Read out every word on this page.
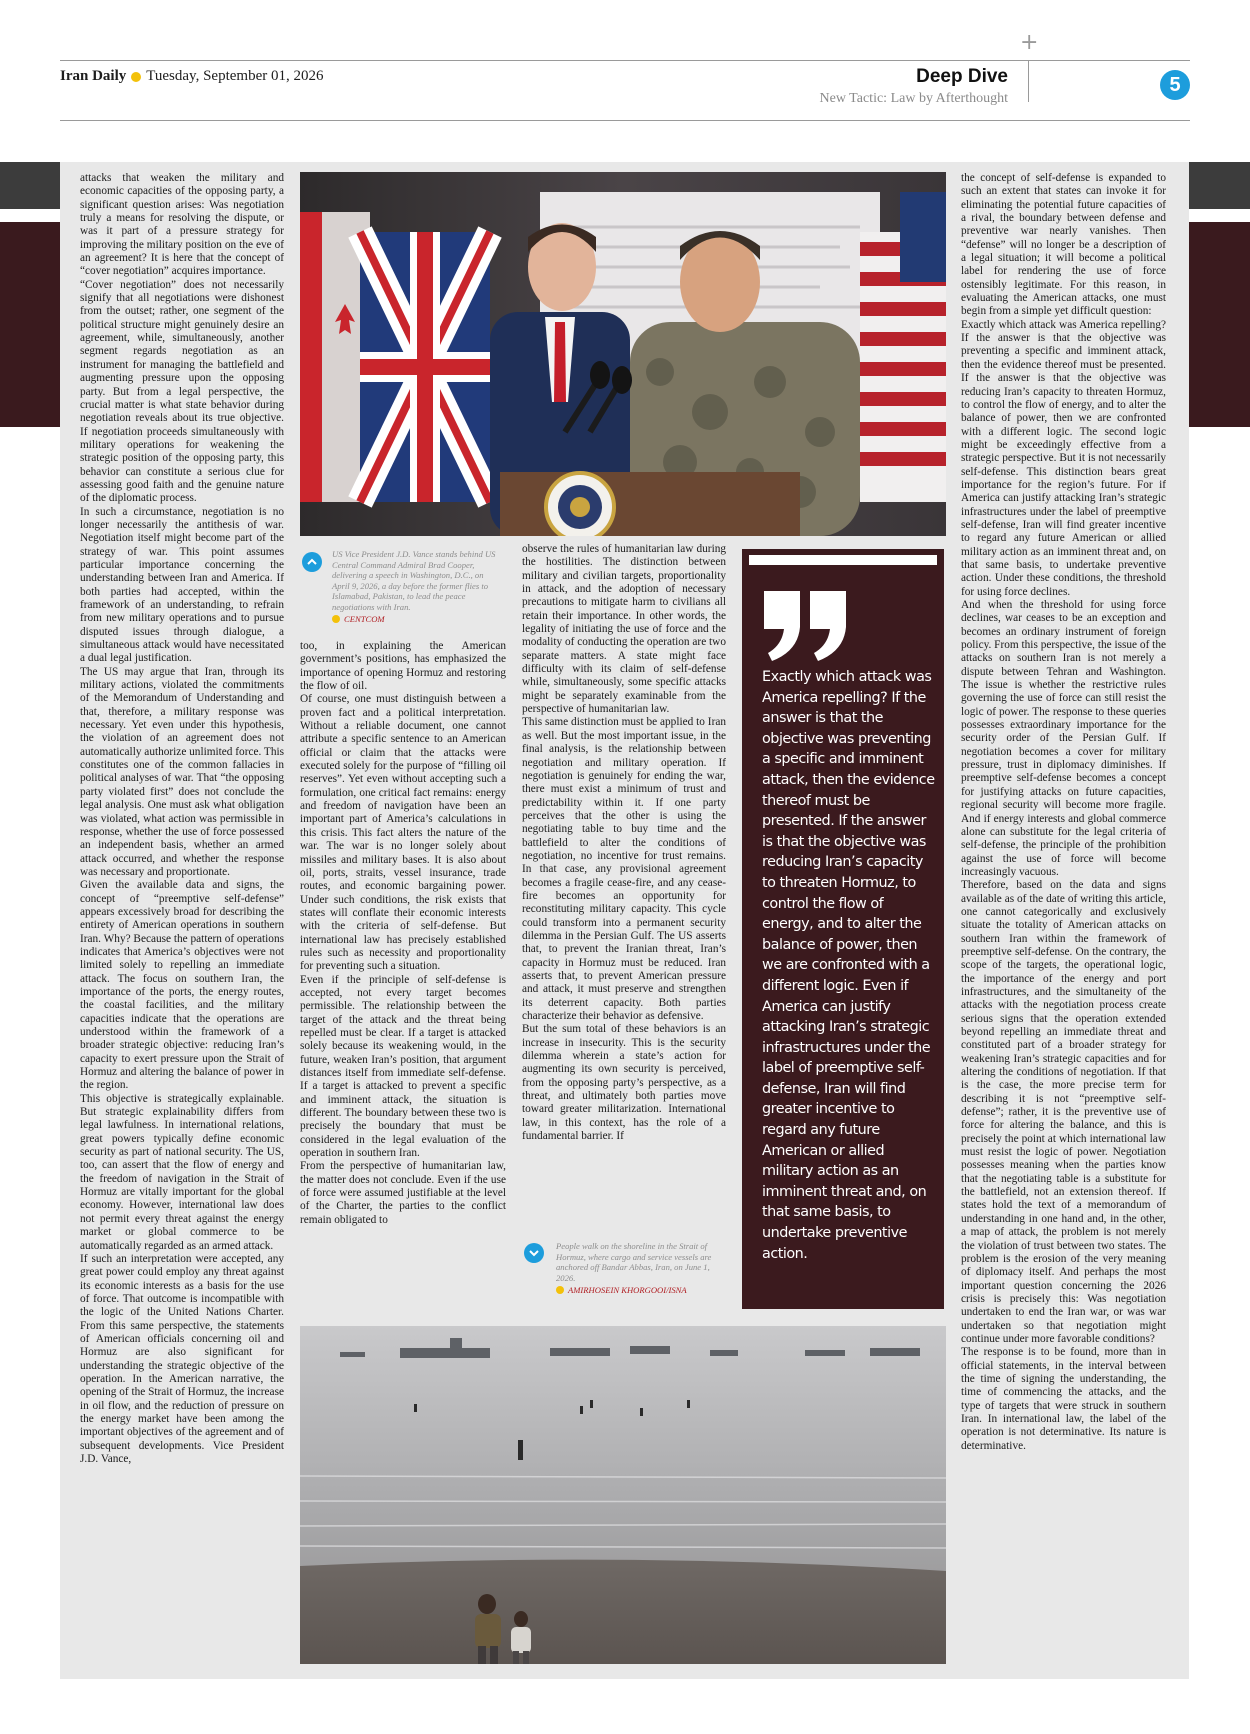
Iran Daily Tuesday, September 01, 2026	Deep Dive
New Tactic: Law by Afterthought
+
5

attacks that weaken the military and economic capacities of the opposing party, a significant question arises: Was negotiation truly a means for resolving the dispute, or was it part of a pressure strategy for improving the military position on the eve of an agreement? It is here that the concept of “cover negotiation” acquires importance.

“Cover negotiation” does not necessarily signify that all negotiations were dishonest from the outset; rather, one segment of the political structure might genuinely desire an agreement, while, simultaneously, another segment regards negotiation as an instrument for managing the battlefield and augmenting pressure upon the opposing party. But from a legal perspective, the crucial matter is what state behavior during negotiation reveals about its true objective. If negotiation proceeds simultaneously with military operations for weakening the strategic position of the opposing party, this behavior can constitute a serious clue for assessing good faith and the genuine nature of the diplomatic process.

In such a circumstance, negotiation is no longer necessarily the antithesis of war. Negotiation itself might become part of the strategy of war. This point assumes particular importance concerning the understanding between Iran and America. If both parties had accepted, within the framework of an understanding, to refrain from new military operations and to pursue disputed issues through dialogue, a simultaneous attack would have necessitated a dual legal justification.

The US may argue that Iran, through its military actions, violated the commitments of the Memorandum of Understanding and that, therefore, a military response was necessary. Yet even under this hypothesis, the violation of an agreement does not automatically authorize unlimited force. This constitutes one of the common fallacies in political analyses of war. That “the opposing party violated first” does not conclude the legal analysis. One must ask what obligation was violated, what action was permissible in response, whether the use of force possessed an independent basis, whether an armed attack occurred, and whether the response was necessary and proportionate.

Given the available data and signs, the concept of “preemptive self-defense” appears excessively broad for describing the entirety of American operations in southern Iran. Why? Because the pattern of operations indicates that America’s objectives were not limited solely to repelling an immediate attack. The focus on southern Iran, the importance of the ports, the energy routes, the coastal facilities, and the military capacities indicate that the operations are understood within the framework of a broader strategic objective: reducing Iran’s capacity to exert pressure upon the Strait of Hormuz and altering the balance of power in the region.

This objective is strategically explainable. But strategic explainability differs from legal lawfulness. In international relations, great powers typically define economic security as part of national security. The US, too, can assert that the flow of energy and the freedom of navigation in the Strait of Hormuz are vitally important for the global economy. However, international law does not permit every threat against the energy market or global commerce to be automatically regarded as an armed attack.

If such an interpretation were accepted, any great power could employ any threat against its economic interests as a basis for the use of force. That outcome is incompatible with the logic of the United Nations Charter. From this same perspective, the statements of American officials concerning oil and Hormuz are also significant for understanding the strategic objective of the operation. In the American narrative, the opening of the Strait of Hormuz, the increase in oil flow, and the reduction of pressure on the energy market have been among the important objectives of the agreement and of subsequent developments. Vice President J.D. Vance,

US Vice President J.D. Vance stands behind US Central Command Admiral Brad Cooper, delivering a speech in Washington, D.C., on April 9, 2026, a day before the former flies to Islamabad, Pakistan, to lead the peace negotiations with Iran.
CENTCOM

too, in explaining the American government’s positions, has emphasized the importance of opening Hormuz and restoring the flow of oil.

Of course, one must distinguish between a proven fact and a political interpretation. Without a reliable document, one cannot attribute a specific sentence to an American official or claim that the attacks were executed solely for the purpose of “filling oil reserves”. Yet even without accepting such a formulation, one critical fact remains: energy and freedom of navigation have been an important part of America’s calculations in this crisis. This fact alters the nature of the war. The war is no longer solely about missiles and military bases. It is also about oil, ports, straits, vessel insurance, trade routes, and economic bargaining power. Under such conditions, the risk exists that states will conflate their economic interests with the criteria of self-defense. But international law has precisely established rules such as necessity and proportionality for preventing such a situation.

Even if the principle of self-defense is accepted, not every target becomes permissible. The relationship between the target of the attack and the threat being repelled must be clear. If a target is attacked solely because its weakening would, in the future, weaken Iran’s position, that argument distances itself from immediate self-defense. If a target is attacked to prevent a specific and imminent attack, the situation is different. The boundary between these two is precisely the boundary that must be considered in the legal evaluation of the operation in southern Iran.

From the perspective of humanitarian law, the matter does not conclude. Even if the use of force were assumed justifiable at the level of the Charter, the parties to the conflict remain obligated to

observe the rules of humanitarian law during the hostilities. The distinction between military and civilian targets, proportionality in attack, and the adoption of necessary precautions to mitigate harm to civilians all retain their importance. In other words, the legality of initiating the use of force and the modality of conducting the operation are two separate matters. A state might face difficulty with its claim of self-defense while, simultaneously, some specific attacks might be separately examinable from the perspective of humanitarian law.

This same distinction must be applied to Iran as well. But the most important issue, in the final analysis, is the relationship between negotiation and military operation. If negotiation is genuinely for ending the war, there must exist a minimum of trust and predictability within it. If one party perceives that the other is using the negotiating table to buy time and the battlefield to alter the conditions of negotiation, no incentive for trust remains. In that case, any provisional agreement becomes a fragile cease-fire, and any cease-fire becomes an opportunity for reconstituting military capacity. This cycle could transform into a permanent security dilemma in the Persian Gulf. The US asserts that, to prevent the Iranian threat, Iran’s capacity in Hormuz must be reduced. Iran asserts that, to prevent American pressure and attack, it must preserve and strengthen its deterrent capacity. Both parties characterize their behavior as defensive.

But the sum total of these behaviors is an increase in insecurity. This is the security dilemma wherein a state’s action for augmenting its own security is perceived, from the opposing party’s perspective, as a threat, and ultimately both parties move toward greater militarization. International law, in this context, has the role of a fundamental barrier. If

People walk on the shoreline in the Strait of Hormuz, where cargo and service vessels are anchored off Bandar Abbas, Iran, on June 1, 2026.
AMIRHOSEIN KHORGOOI/ISNA
Exactly which attack was America repelling? If the answer is that the objective was preventing a specific and imminent attack, then the evidence thereof must be presented. If the answer is that the objective was reducing Iran’s capacity to threaten Hormuz, to control the flow of energy, and to alter the balance of power, then we are confronted with a different logic. Even if America can justify attacking Iran’s strategic infrastructures under the label of preemptive self-defense, Iran will find greater incentive to regard any future American or allied military action as an imminent threat and, on that same basis, to undertake preventive action.

the concept of self-defense is expanded to such an extent that states can invoke it for eliminating the potential future capacities of a rival, the boundary between defense and preventive war nearly vanishes. Then “defense” will no longer be a description of a legal situation; it will become a political label for rendering the use of force ostensibly legitimate. For this reason, in evaluating the American attacks, one must begin from a simple yet difficult question:

Exactly which attack was America repelling? If the answer is that the objective was preventing a specific and imminent attack, then the evidence thereof must be presented. If the answer is that the objective was reducing Iran’s capacity to threaten Hormuz, to control the flow of energy, and to alter the balance of power, then we are confronted with a different logic. The second logic might be exceedingly effective from a strategic perspective. But it is not necessarily self-defense. This distinction bears great importance for the region’s future. For if America can justify attacking Iran’s strategic infrastructures under the label of preemptive self-defense, Iran will find greater incentive to regard any future American or allied military action as an imminent threat and, on that same basis, to undertake preventive action. Under these conditions, the threshold for using force declines.

And when the threshold for using force declines, war ceases to be an exception and becomes an ordinary instrument of foreign policy. From this perspective, the issue of the attacks on southern Iran is not merely a dispute between Tehran and Washington. The issue is whether the restrictive rules governing the use of force can still resist the logic of power. The response to these queries possesses extraordinary importance for the security order of the Persian Gulf. If negotiation becomes a cover for military pressure, trust in diplomacy diminishes. If preemptive self-defense becomes a concept for justifying attacks on future capacities, regional security will become more fragile. And if energy interests and global commerce alone can substitute for the legal criteria of self-defense, the principle of the prohibition against the use of force will become increasingly vacuous.

Therefore, based on the data and signs available as of the date of writing this article, one cannot categorically and exclusively situate the totality of American attacks on southern Iran within the framework of preemptive self-defense. On the contrary, the scope of the targets, the operational logic, the importance of the energy and port infrastructures, and the simultaneity of the attacks with the negotiation process create serious signs that the operation extended beyond repelling an immediate threat and constituted part of a broader strategy for weakening Iran’s strategic capacities and for altering the conditions of negotiation. If that is the case, the more precise term for describing it is not “preemptive self-defense”; rather, it is the preventive use of force for altering the balance, and this is precisely the point at which international law must resist the logic of power. Negotiation possesses meaning when the parties know that the negotiating table is a substitute for the battlefield, not an extension thereof. If states hold the text of a memorandum of understanding in one hand and, in the other, a map of attack, the problem is not merely the violation of trust between two states. The problem is the erosion of the very meaning of diplomacy itself. And perhaps the most important question concerning the 2026 crisis is precisely this: Was negotiation undertaken to end the Iran war, or was war undertaken so that negotiation might continue under more favorable conditions?

The response is to be found, more than in official statements, in the interval between the time of signing the understanding, the time of commencing the attacks, and the type of targets that were struck in southern Iran. In international law, the label of the operation is not determinative. Its nature is determinative.
